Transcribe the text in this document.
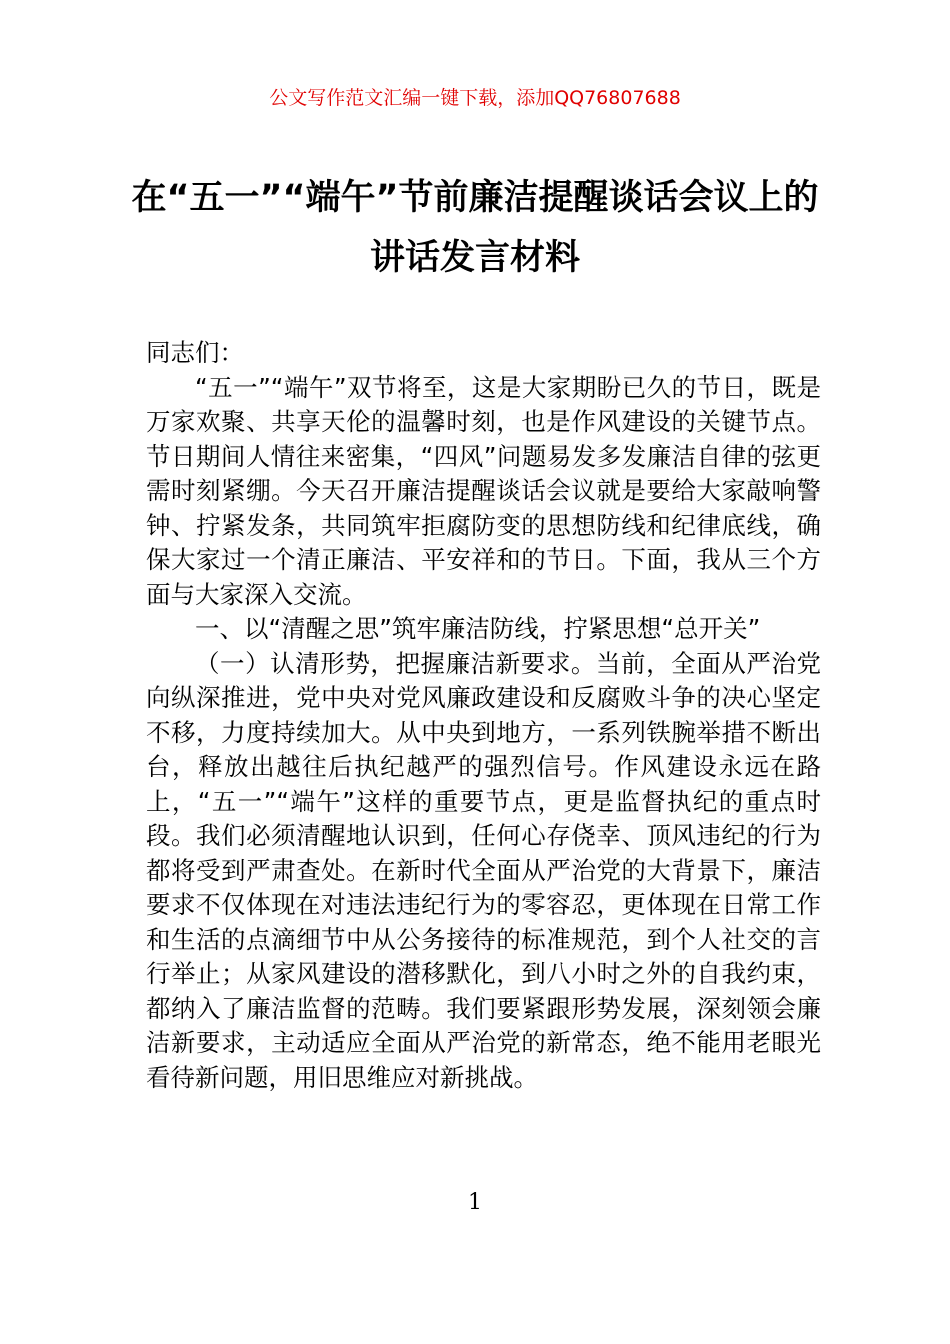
公文写作范文汇编一键下载，添加QQ76807688
在“五一”“端午”节前廉洁提醒谈话会议上的讲话发言材料

同志们：

“五一”“端午”双节将至，这是大家期盼已久的节日，既是万家欢聚、共享天伦的温馨时刻，也是作风建设的关键节点。节日期间人情往来密集，“四风”问题易发多发廉洁自律的弦更需时刻紧绷。今天召开廉洁提醒谈话会议就是要给大家敲响警钟、拧紧发条，共同筑牢拒腐防变的思想防线和纪律底线，确保大家过一个清正廉洁、平安祥和的节日。下面，我从三个方面与大家深入交流。

一、以“清醒之思”筑牢廉洁防线，拧紧思想“总开关”

（一）认清形势，把握廉洁新要求。当前，全面从严治党向纵深推进，党中央对党风廉政建设和反腐败斗争的决心坚定不移，力度持续加大。从中央到地方，一系列铁腕举措不断出台，释放出越往后执纪越严的强烈信号。作风建设永远在路上，“五一”“端午”这样的重要节点，更是监督执纪的重点时段。我们必须清醒地认识到，任何心存侥幸、顶风违纪的行为都将受到严肃查处。在新时代全面从严治党的大背景下，廉洁要求不仅体现在对违法违纪行为的零容忍，更体现在日常工作和生活的点滴细节中从公务接待的标准规范，到个人社交的言行举止；从家风建设的潜移默化，到八小时之外的自我约束，都纳入了廉洁监督的范畴。我们要紧跟形势发展，深刻领会廉洁新要求，主动适应全面从严治党的新常态，绝不能用老眼光看待新问题，用旧思维应对新挑战。

1
